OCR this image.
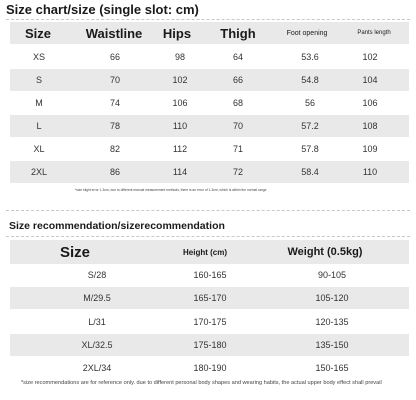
Size chart/size (single slot: cm)
Size	Waistline	Hips	Thigh	Foot opening	Pants length
XS	66	98	64	53.6	102
S	70	102	66	54.8	104
M	74	106	68	56	106
L	78	110	70	57.2	108
XL	82	112	71	57.8	109
2XL	86	114	72	58.4	110
*size slight error 1-3cm, due to different manual measurement methods, there is an error of 1-3cm, which is within the normal range
Size recommendation/sizerecommendation
Size	Height (cm)	Weight (0.5kg)
S/28	160-165	90-105
M/29.5	165-170	105-120
L/31	170-175	120-135
XL/32.5	175-180	135-150
2XL/34	180-190	150-165
*size recommendations are for reference only. due to different personal body shapes and wearing habits, the actual upper body effect shall prevail
